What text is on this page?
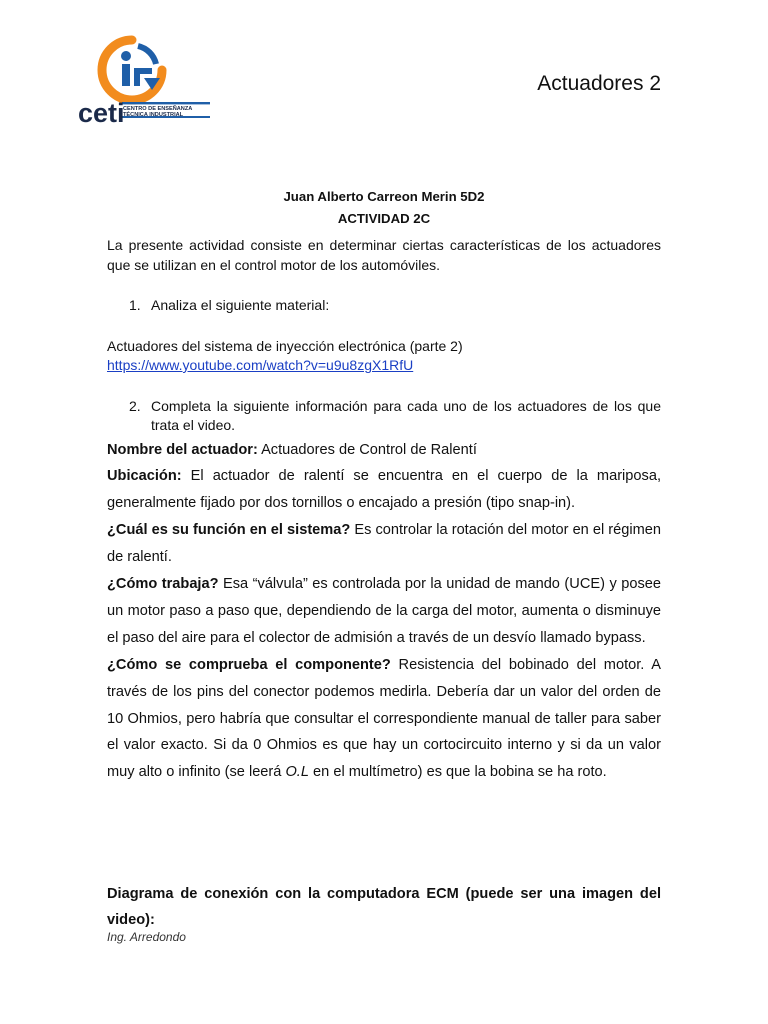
ceti
CENTRO DE ENSEÑANZA
TÉCNICA INDUSTRIAL
Actuadores 2
Juan Alberto Carreon Merin 5D2
ACTIVIDAD 2C
La presente actividad consiste en determinar ciertas características de los actuadores que se utilizan en el control motor de los automóviles.
1. Analiza el siguiente material:
Actuadores del sistema de inyección electrónica (parte 2)
https://www.youtube.com/watch?v=u9u8zgX1RfU
2. Completa la siguiente información para cada uno de los actuadores de los que trata el video.
Nombre del actuador: Actuadores de Control de Ralentí
Ubicación: El actuador de ralentí se encuentra en el cuerpo de la mariposa, generalmente fijado por dos tornillos o encajado a presión (tipo snap-in).
¿Cuál es su función en el sistema? Es controlar la rotación del motor en el régimen de ralentí.
¿Cómo trabaja? Esa “válvula” es controlada por la unidad de mando (UCE) y posee un motor paso a paso que, dependiendo de la carga del motor, aumenta o disminuye el paso del aire para el colector de admisión a través de un desvío llamado bypass.
¿Cómo se comprueba el componente? Resistencia del bobinado del motor. A través de los pins del conector podemos medirla. Debería dar un valor del orden de 10 Ohmios, pero habría que consultar el correspondiente manual de taller para saber el valor exacto. Si da 0 Ohmios es que hay un cortocircuito interno y si da un valor muy alto o infinito (se leerá O.L en el multímetro) es que la bobina se ha roto.
Diagrama de conexión con la computadora ECM (puede ser una imagen del video):
Ing. Arredondo
